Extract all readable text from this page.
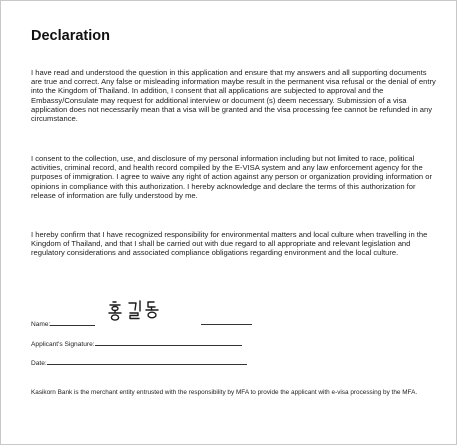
Declaration

I have read and understood the question in this application and ensure that my answers and all supporting documents are true and correct. Any false or misleading information maybe result in the permanent visa refusal or the denial of entry into the Kingdom of Thailand. In addition, I consent that all applications are subjected to approval and the Embassy/Consulate may request for additional interview or document (s) deem necessary. Submission of a visa application does not necessarily mean that a visa will be granted and the visa processing fee cannot be refunded in any circumstance.

I consent to the collection, use, and disclosure of my personal information including but not limited to race, political activities, criminal record, and health record compiled by the E-VISA system and any law enforcement agency for the purposes of immigration. I agree to waive any right of action against any person or organization providing information or opinions in compliance with this authorization. I hereby acknowledge and declare the terms of this authorization for release of information are fully understood by me.

I hereby confirm that I have recognized responsibility for environmental matters and local culture when travelling in the Kingdom of Thailand, and that I shall be carried out with due regard to all appropriate and relevant legislation and regulatory considerations and associated compliance obligations regarding environment and the local culture.

Name:
Applicant's Signature:
Date:

Kasikorn Bank is the merchant entity entrusted with the responsibility by MFA to provide the applicant with e-visa processing by the MFA.
